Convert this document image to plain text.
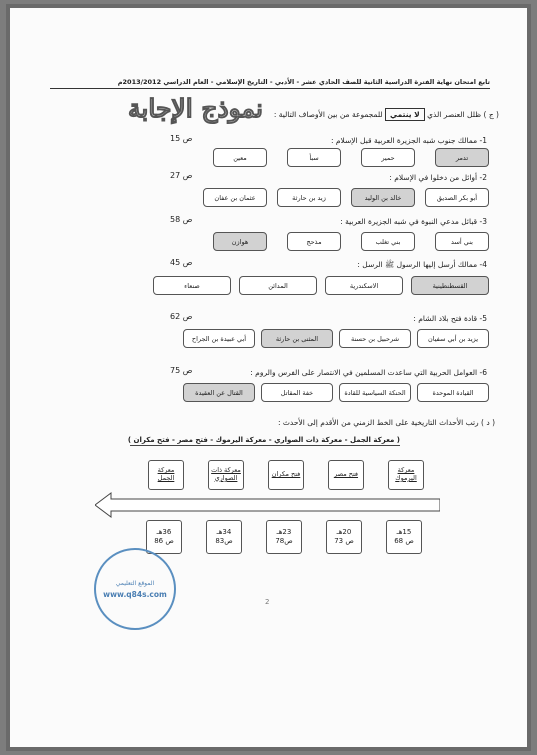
تابع امتحان نهاية الفترة الدراسية الثانية للصف الحادي عشر - الأدبي - التاريخ الإسلامي - العام الدراسي 2013/2012م
نموذج الإجابة	( ج ) ظلل العنصر الذي لا ينتمي للمجموعة من بين الأوصاف التالية :
1- ممالك جنوب شبه الجزيرة العربية قبل الإسلام :
ص 15
تدمر
حمير
سبأ
معين
2- أوائل من دخلوا في الإسلام :
ص 27
أبو بكر الصديق
خالد بن الوليد
زيد بن حارثة
عثمان بن عفان
3- قبائل مدعي النبوة في شبه الجزيرة العربية :
ص 58
بني أسد
بني تغلب
مذحج
هوازن
4- ممالك أرسل إليها الرسول ﷺ الرسل :
ص 45
القسطنطينية
الاسكندرية
المدائن
صنعاء
5- قادة فتح بلاد الشام :
ص 62
يزيد بن أبي سفيان
شرحبيل بن حسنة
المثنى بن حارثة
أبي عبيدة بن الجراح
6- العوامل الحربية التي ساعدت المسلمين في الانتصار على الفرس والروم :
ص 75
القيادة الموحدة
الحنكة السياسية للقادة
خفة المقاتل
القتال عن العقيدة
( د ) رتب الأحداث التاريخية على الخط الزمني من الأقدم إلى الأحدث :
( معركة الجمل - معركة ذات الصواري - معركة اليرموك - فتح مصر - فتح مكران )
معركة اليرموك
15هـ
ص 68
فتح مصر
20هـ
ص 73
فتح مكران
23هـ
ص78
معركة ذات الصواري
34هـ
ص83
معركة الجمل
36هـ
ص 86
الموقع التعليمي
www.q84s.com
2
